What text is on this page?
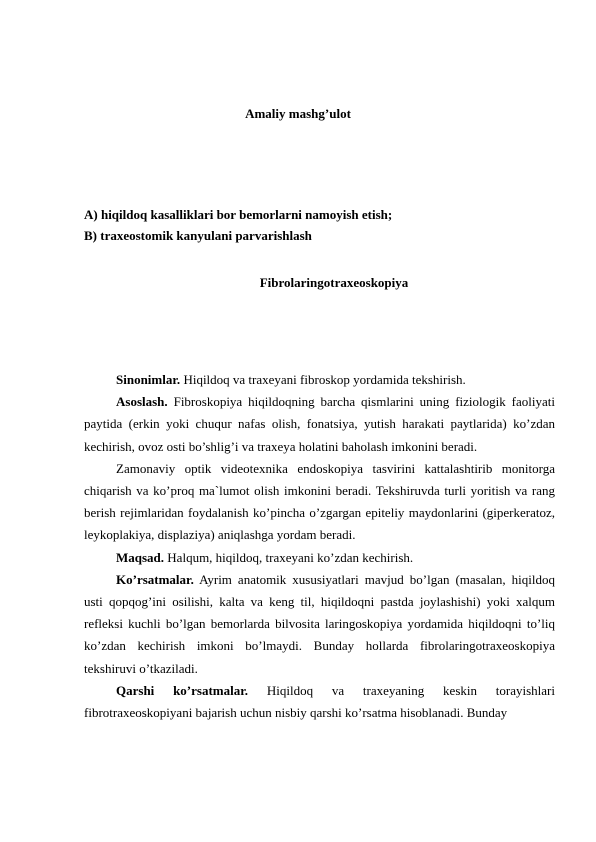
Amaliy mashg’ulot
A) hiqildoq kasalliklari bor bemorlarni namoyish etish;
B) traxeostomik kanyulani parvarishlash
Fibrolaringotraxeoskopiya

Sinonimlar. Hiqildoq va traxeyani fibroskop yordamida tekshirish.

Asoslash. Fibroskopiya hiqildoqning barcha qismlarini uning fiziologik faoliyati paytida (erkin yoki chuqur nafas olish, fonatsiya, yutish harakati paytlarida) ko’zdan kechirish, ovoz osti bo’shlig’i va traxeya holatini baholash imkonini beradi.

Zamonaviy optik videotexnika endoskopiya tasvirini kattalashtirib monitorga chiqarish va ko’proq ma`lumot olish imkonini beradi. Tekshiruvda turli yoritish va rang berish rejimlaridan foydalanish ko’pincha o’zgargan epiteliy maydonlarini (giperkeratoz, leykoplakiya, displaziya) aniqlashga yordam beradi.

Maqsad. Halqum, hiqildoq, traxeyani ko’zdan kechirish.

Ko’rsatmalar. Ayrim anatomik xususiyatlari mavjud bo’lgan (masalan, hiqildoq usti qopqog’ini osilishi, kalta va keng til, hiqildoqni pastda joylashishi) yoki xalqum refleksi kuchli bo’lgan bemorlarda bilvosita laringoskopiya yordamida hiqildoqni to’liq ko’zdan kechirish imkoni bo’lmaydi. Bunday hollarda fibrolaringotraxeoskopiya tekshiruvi o’tkaziladi.

Qarshi ko’rsatmalar. Hiqildoq va traxeyaning keskin torayishlari fibrotraxeoskopiyani bajarish uchun nisbiy qarshi ko’rsatma hisoblanadi. Bunday
